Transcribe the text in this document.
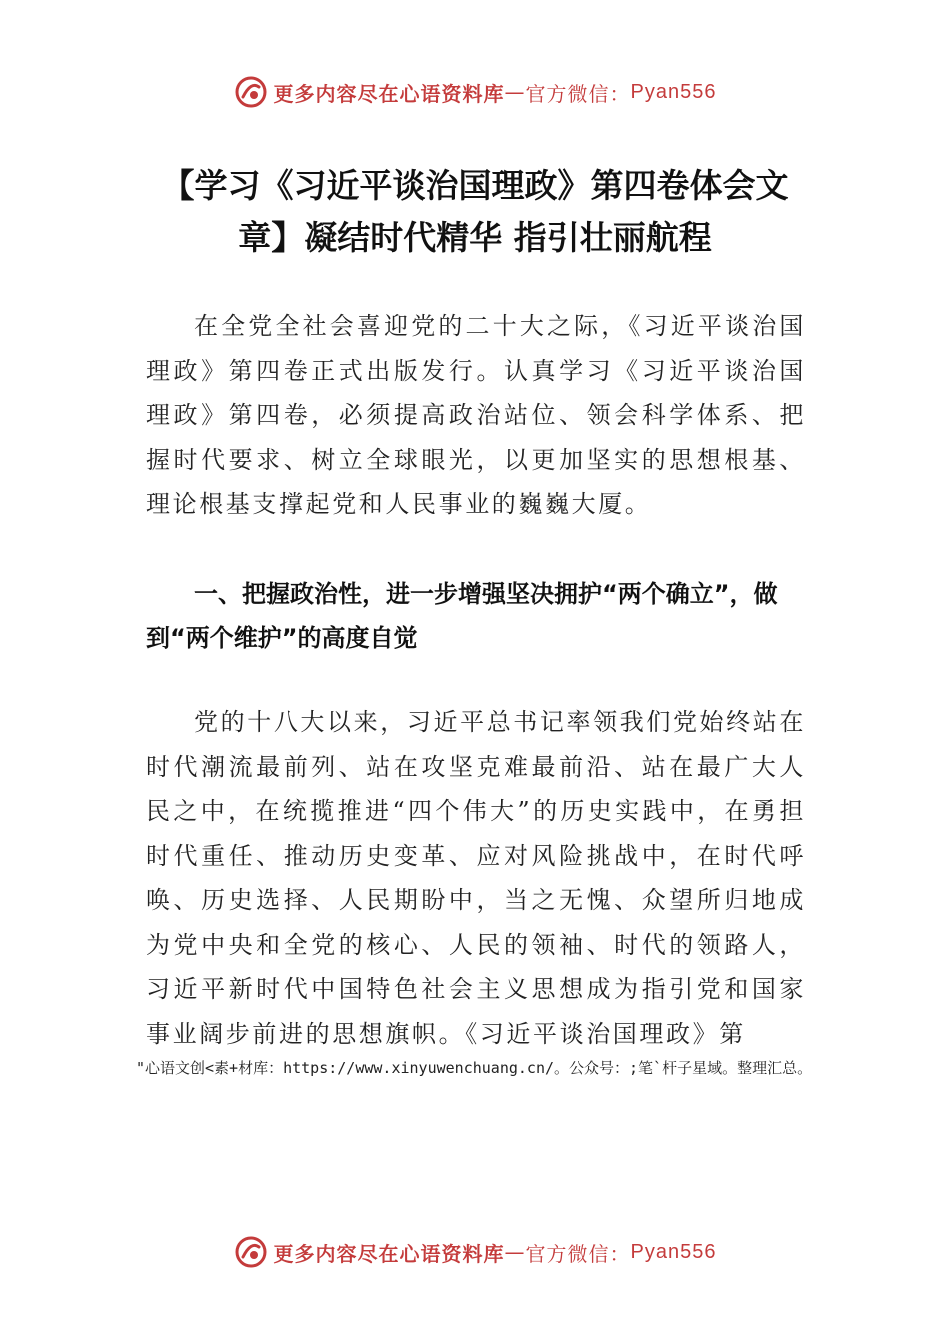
更多内容尽在心语资料库 — 官方微信： Pyan556
【学习《习近平谈治国理政》第四卷体会文章】凝结时代精华 指引壮丽航程

在全党全社会喜迎党的二十大之际，《习近平谈治国理政》第四卷正式出版发行。认真学习《习近平谈治国理政》第四卷，必须提高政治站位、领会科学体系、把握时代要求、树立全球眼光，以更加坚实的思想根基、理论根基支撑起党和人民事业的巍巍大厦。

一、把握政治性，进一步增强坚决拥护“两个确立”，做到“两个维护”的高度自觉

党的十八大以来，习近平总书记率领我们党始终站在时代潮流最前列、站在攻坚克难最前沿、站在最广大人民之中，在统揽推进“四个伟大”的历史实践中，在勇担时代重任、推动历史变革、应对风险挑战中，在时代呼唤、历史选择、人民期盼中，当之无愧、众望所归地成为党中央和全党的核心、人民的领袖、时代的领路人，习近平新时代中国特色社会主义思想成为指引党和国家事业阔步前进的思想旗帜。《习近平谈治国理政》第

"心语文创<素+材库：https://www.xinyuwenchuang.cn/。公众号：;笔`杆子星域。整理汇总。

更多内容尽在心语资料库 — 官方微信： Pyan556
